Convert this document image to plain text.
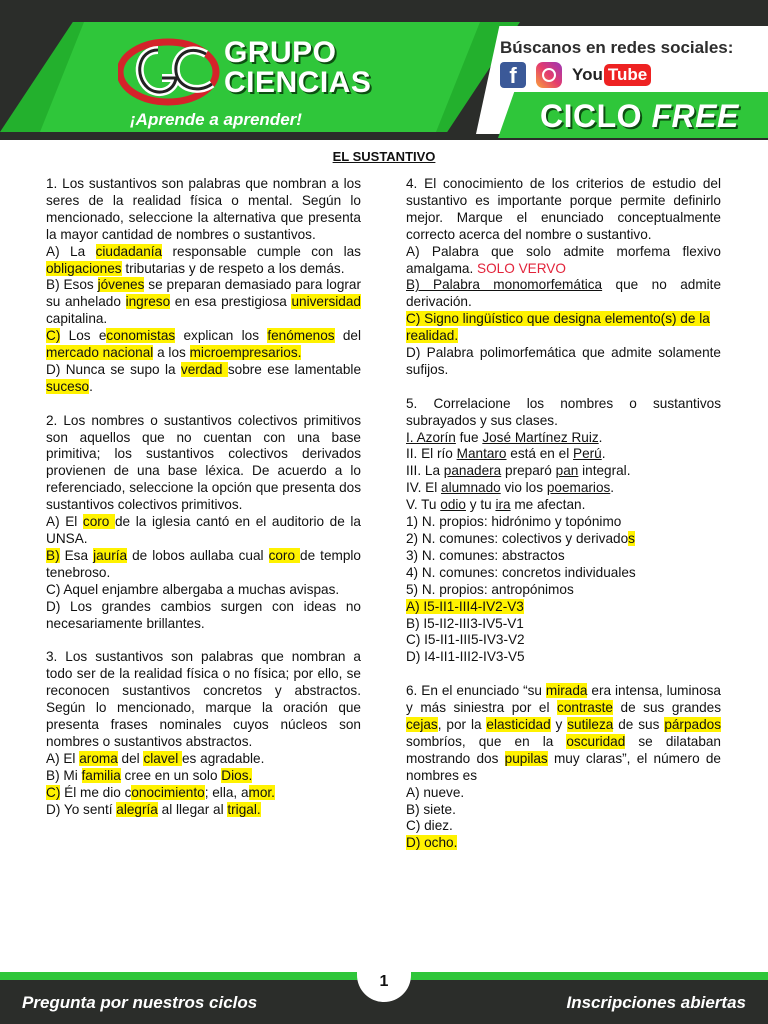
GRUPO
CIENCIAS
¡Aprende a aprender!
Búscanos en redes sociales:
f	You Tube
CICLO FREE
EL SUSTANTIVO
1. Los sustantivos son palabras que nombran a los seres de la realidad física o mental. Según lo mencionado, seleccione la alternativa que presenta la mayor cantidad de nombres o sustantivos.
A) La ciudadanía responsable cumple con las obligaciones tributarias y de respeto a los demás.
B) Esos jóvenes se preparan demasiado para lograr su anhelado ingreso en esa prestigiosa universidad capitalina.
C) Los economistas explican los fenómenos del mercado nacional a los microempresarios.
D) Nunca se supo la verdad sobre ese lamentable suceso.
2. Los nombres o sustantivos colectivos primitivos son aquellos que no cuentan con una base primitiva; los sustantivos colectivos derivados provienen de una base léxica. De acuerdo a lo referenciado, seleccione la opción que presenta dos sustantivos colectivos primitivos.
A) El coro de la iglesia cantó en el auditorio de la UNSA.
B) Esa jauría de lobos aullaba cual coro de templo tenebroso.
C) Aquel enjambre albergaba a muchas avispas.
D) Los grandes cambios surgen con ideas no necesariamente brillantes.
3. Los sustantivos son palabras que nombran a todo ser de la realidad física o no física; por ello, se reconocen sustantivos concretos y abstractos. Según lo mencionado, marque la oración que presenta frases nominales cuyos núcleos son nombres o sustantivos abstractos.
A) El aroma del clavel es agradable.
B) Mi familia cree en un solo Dios.
C) Él me dio conocimiento; ella, amor.
D) Yo sentí alegría al llegar al trigal.
4. El conocimiento de los criterios de estudio del sustantivo es importante porque permite definirlo mejor. Marque el enunciado conceptualmente correcto acerca del nombre o sustantivo.
A) Palabra que solo admite morfema flexivo amalgama. SOLO VERVO
B) Palabra monomorfemática que no admite derivación.
C) Signo lingüístico que designa elemento(s) de la realidad.
D) Palabra polimorfemática que admite solamente sufijos.
5. Correlacione los nombres o sustantivos subrayados y sus clases.
I. Azorín fue José Martínez Ruiz.
II. El río Mantaro está en el Perú.
III. La panadera preparó pan integral.
IV. El alumnado vio los poemarios.
V. Tu odio y tu ira me afectan.
1) N. propios: hidrónimo y topónimo
2) N. comunes: colectivos y derivados
3) N. comunes: abstractos
4) N. comunes: concretos individuales
5) N. propios: antropónimos
A) I5-II1-III4-IV2-V3
B) I5-II2-III3-IV5-V1
C) I5-II1-III5-IV3-V2
D) I4-II1-III2-IV3-V5
6. En el enunciado “su mirada era intensa, luminosa y más siniestra por el contraste de sus grandes cejas, por la elasticidad y sutileza de sus párpados sombríos, que en la oscuridad se dilataban mostrando dos pupilas muy claras”, el número de nombres es
A) nueve.
B) siete.
C) diez.
D) ocho.
Pregunta por nuestros ciclos	Inscripciones abiertas
1
